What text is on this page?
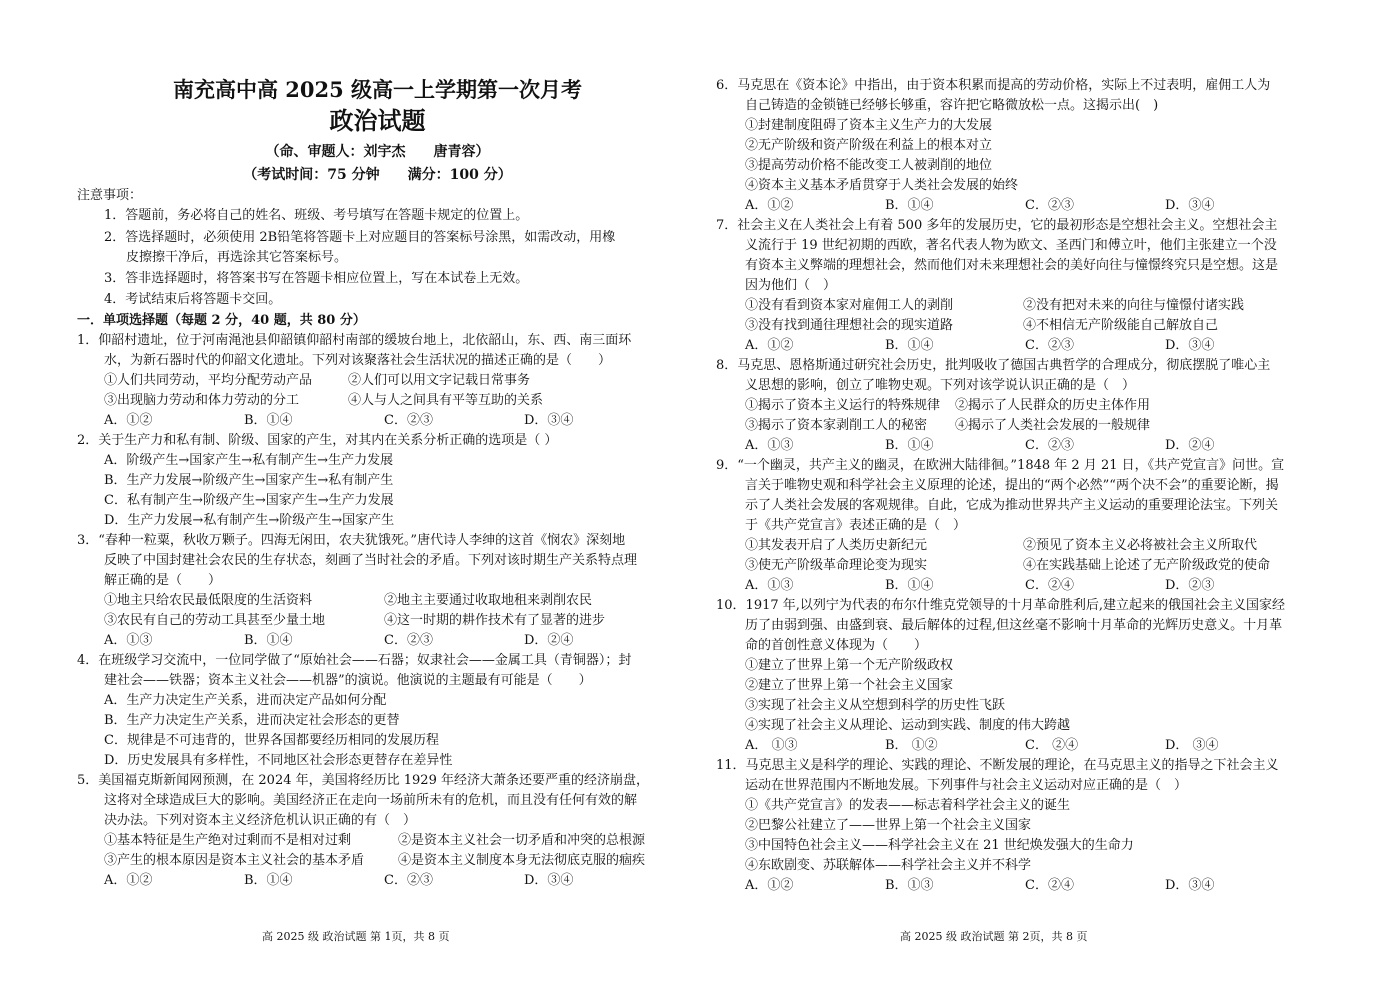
南充高中高 2025 级高一上学期第一次月考
政治试题
（命、审题人：刘宇杰　　唐青容）
（考试时间：75 分钟　　满分：100 分）
注意事项：
1．答题前，务必将自己的姓名、班级、考号填写在答题卡规定的位置上。
2．答选择题时，必须使用 2B铅笔将答题卡上对应题目的答案标号涂黑，如需改动，用橡
皮擦擦干净后，再选涂其它答案标号。
3．答非选择题时，将答案书写在答题卡相应位置上，写在本试卷上无效。
4．考试结束后将答题卡交回。
一．单项选择题（每题 2 分，40 题，共 80 分）
1．仰韶村遗址，位于河南渑池县仰韶镇仰韶村南部的缓坡台地上，北依韶山，东、西、南三面环
水，为新石器时代的仰韶文化遗址。下列对该聚落社会生活状况的描述正确的是（　　）
①人们共同劳动，平均分配劳动产品	②人们可以用文字记载日常事务
③出现脑力劳动和体力劳动的分工	④人与人之间具有平等互助的关系
A．①②	B．①④	C．②③	D．③④
2．关于生产力和私有制、阶级、国家的产生，对其内在关系分析正确的选项是（ ）
A．阶级产生→国家产生→私有制产生→生产力发展
B．生产力发展→阶级产生→国家产生→私有制产生
C．私有制产生→阶级产生→国家产生→生产力发展
D．生产力发展→私有制产生→阶级产生→国家产生
3．“春种一粒粟，秋收万颗子。四海无闲田，农夫犹饿死。”唐代诗人李绅的这首《悯农》深刻地
反映了中国封建社会农民的生存状态，刻画了当时社会的矛盾。下列对该时期生产关系特点理
解正确的是（　　）
①地主只给农民最低限度的生活资料	②地主主要通过收取地租来剥削农民
③农民有自己的劳动工具甚至少量土地	④这一时期的耕作技术有了显著的进步
A．①③	B．①④	C．②③	D．②④
4．在班级学习交流中，一位同学做了“原始社会——石器；奴隶社会——金属工具（青铜器）；封
建社会——铁器；资本主义社会——机器”的演说。他演说的主题最有可能是（　　）
A．生产力决定生产关系，进而决定产品如何分配
B．生产力决定生产关系，进而决定社会形态的更替
C．规律是不可违背的，世界各国都要经历相同的发展历程
D．历史发展具有多样性，不同地区社会形态更替存在差异性
5．美国福克斯新闻网预测，在 2024 年，美国将经历比 1929 年经济大萧条还要严重的经济崩盘，
这将对全球造成巨大的影响。美国经济正在走向一场前所未有的危机，而且没有任何有效的解
决办法。下列对资本主义经济危机认识正确的有（　）
①基本特征是生产绝对过剩而不是相对过剩	②是资本主义社会一切矛盾和冲突的总根源
③产生的根本原因是资本主义社会的基本矛盾	④是资本主义制度本身无法彻底克服的痼疾
A．①②	B．①④	C．②③	D．③④
高 2025 级 政治试题 第 1页，共 8 页
6．马克思在《资本论》中指出，由于资本积累而提高的劳动价格，实际上不过表明，雇佣工人为
自己铸造的金锁链已经够长够重，容许把它略微放松一点。这揭示出(　)
①封建制度阻碍了资本主义生产力的大发展
②无产阶级和资产阶级在利益上的根本对立
③提高劳动价格不能改变工人被剥削的地位
④资本主义基本矛盾贯穿于人类社会发展的始终
A．①②	B．①④	C．②③	D．③④
7．社会主义在人类社会上有着 500 多年的发展历史，它的最初形态是空想社会主义。空想社会主
义流行于 19 世纪初期的西欧，著名代表人物为欧文、圣西门和傅立叶，他们主张建立一个没
有资本主义弊端的理想社会，然而他们对未来理想社会的美好向往与憧憬终究只是空想。这是
因为他们（　）
①没有看到资本家对雇佣工人的剥削	②没有把对未来的向往与憧憬付诸实践
③没有找到通往理想社会的现实道路	④不相信无产阶级能自己解放自己
A．①②	B．①④	C．②③	D．③④
8．马克思、恩格斯通过研究社会历史，批判吸收了德国古典哲学的合理成分，彻底摆脱了唯心主
义思想的影响，创立了唯物史观。下列对该学说认识正确的是（　）
①揭示了资本主义运行的特殊规律 ②揭示了人民群众的历史主体作用
③揭示了资本家剥削工人的秘密 ④揭示了人类社会发展的一般规律
A．①③	B．①④	C．②③	D．②④
9．“一个幽灵，共产主义的幽灵，在欧洲大陆徘徊。”1848 年 2 月 21 日，《共产党宣言》问世。宣
言关于唯物史观和科学社会主义原理的论述，提出的“两个必然”“两个决不会”的重要论断，揭
示了人类社会发展的客观规律。自此，它成为推动世界共产主义运动的重要理论法宝。下列关
于《共产党宣言》表述正确的是（　）
①其发表开启了人类历史新纪元	②预见了资本主义必将被社会主义所取代
③使无产阶级革命理论变为现实	④在实践基础上论述了无产阶级政党的使命
A．①③	B．①④	C．②④	D．②③
10．1917 年,以列宁为代表的布尔什维克党领导的十月革命胜利后,建立起来的俄国社会主义国家经
历了由弱到强、由盛到衰、最后解体的过程,但这丝毫不影响十月革命的光辉历史意义。十月革
命的首创性意义体现为（　　）
①建立了世界上第一个无产阶级政权
②建立了世界上第一个社会主义国家
③实现了社会主义从空想到科学的历史性飞跃
④实现了社会主义从理论、运动到实践、制度的伟大跨越
A． ①③	B． ①②	C． ②④	D． ③④
11．马克思主义是科学的理论、实践的理论、不断发展的理论，在马克思主义的指导之下社会主义
运动在世界范围内不断地发展。下列事件与社会主义运动对应正确的是（　）
①《共产党宣言》的发表——标志着科学社会主义的诞生
②巴黎公社建立了——世界上第一个社会主义国家
③中国特色社会主义——科学社会主义在 21 世纪焕发强大的生命力
④东欧剧变、苏联解体——科学社会主义并不科学
A．①②	B．①③	C．②④	D．③④
高 2025 级 政治试题 第 2页，共 8 页
